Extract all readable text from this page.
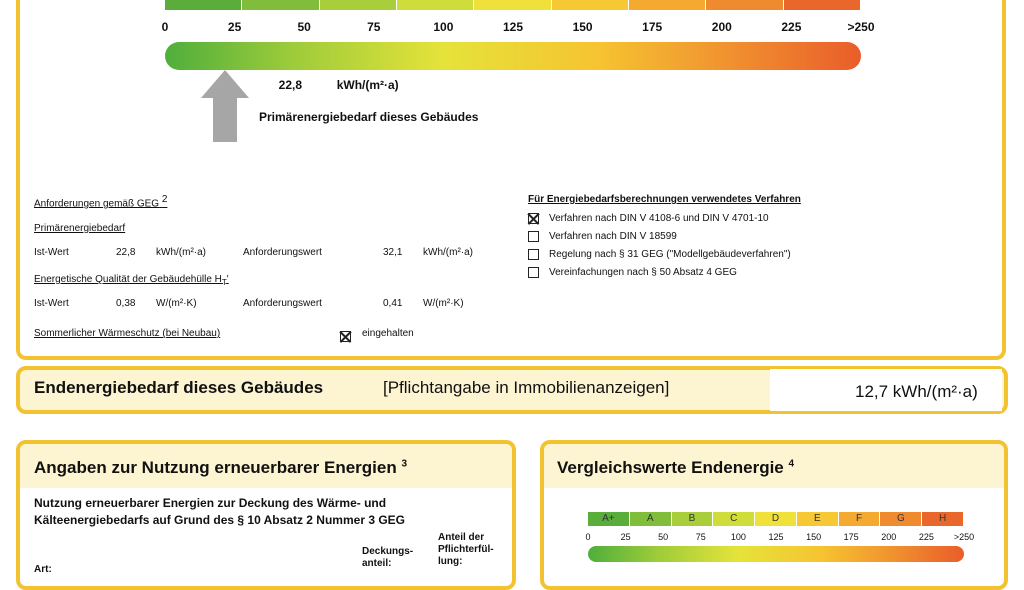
0	25	50	75	100	125	150	175	200	225	>250
22,8	kWh/(m²·a)
Primärenergiebedarf dieses Gebäudes
Anforderungen gemäß GEG $^2$
Primärenergiebedarf
Ist-Wert	22,8 kWh/(m²·a)	Anforderungswert	32,1 kWh/(m²·a)
Energetische Qualität der Gebäudehülle $H_T'$
Ist-Wert	0,38 W/(m²·K)	Anforderungswert	0,41 W/(m²·K)
Sommerlicher Wärmeschutz (bei Neubau)	eingehalten
Für Energiebedarfsberechnungen verwendetes Verfahren
Verfahren nach DIN V 4108-6 und DIN V 4701-10
Verfahren nach DIN V 18599
Regelung nach § 31 GEG ("Modellgebäudeverfahren")
Vereinfachungen nach § 50 Absatz 4 GEG
Endenergiebedarf dieses Gebäudes	[Pflichtangabe in Immobilienanzeigen]	12,7 kWh/(m²·a)
Angaben zur Nutzung erneuerbarer Energien $^3$
Nutzung erneuerbarer Energien zur Deckung des Wärme- und
Kälteenergiebedarfs auf Grund des § 10 Absatz 2 Nummer 3 GEG
Art:
Deckungs-
anteil:
Anteil der
Pflichterfül-
lung:
Vergleichswerte Endenergie $^4$
A+	A	B	C	D	E	F	G	H
0	25	50	75	100	125	150	175	200	225 >250
